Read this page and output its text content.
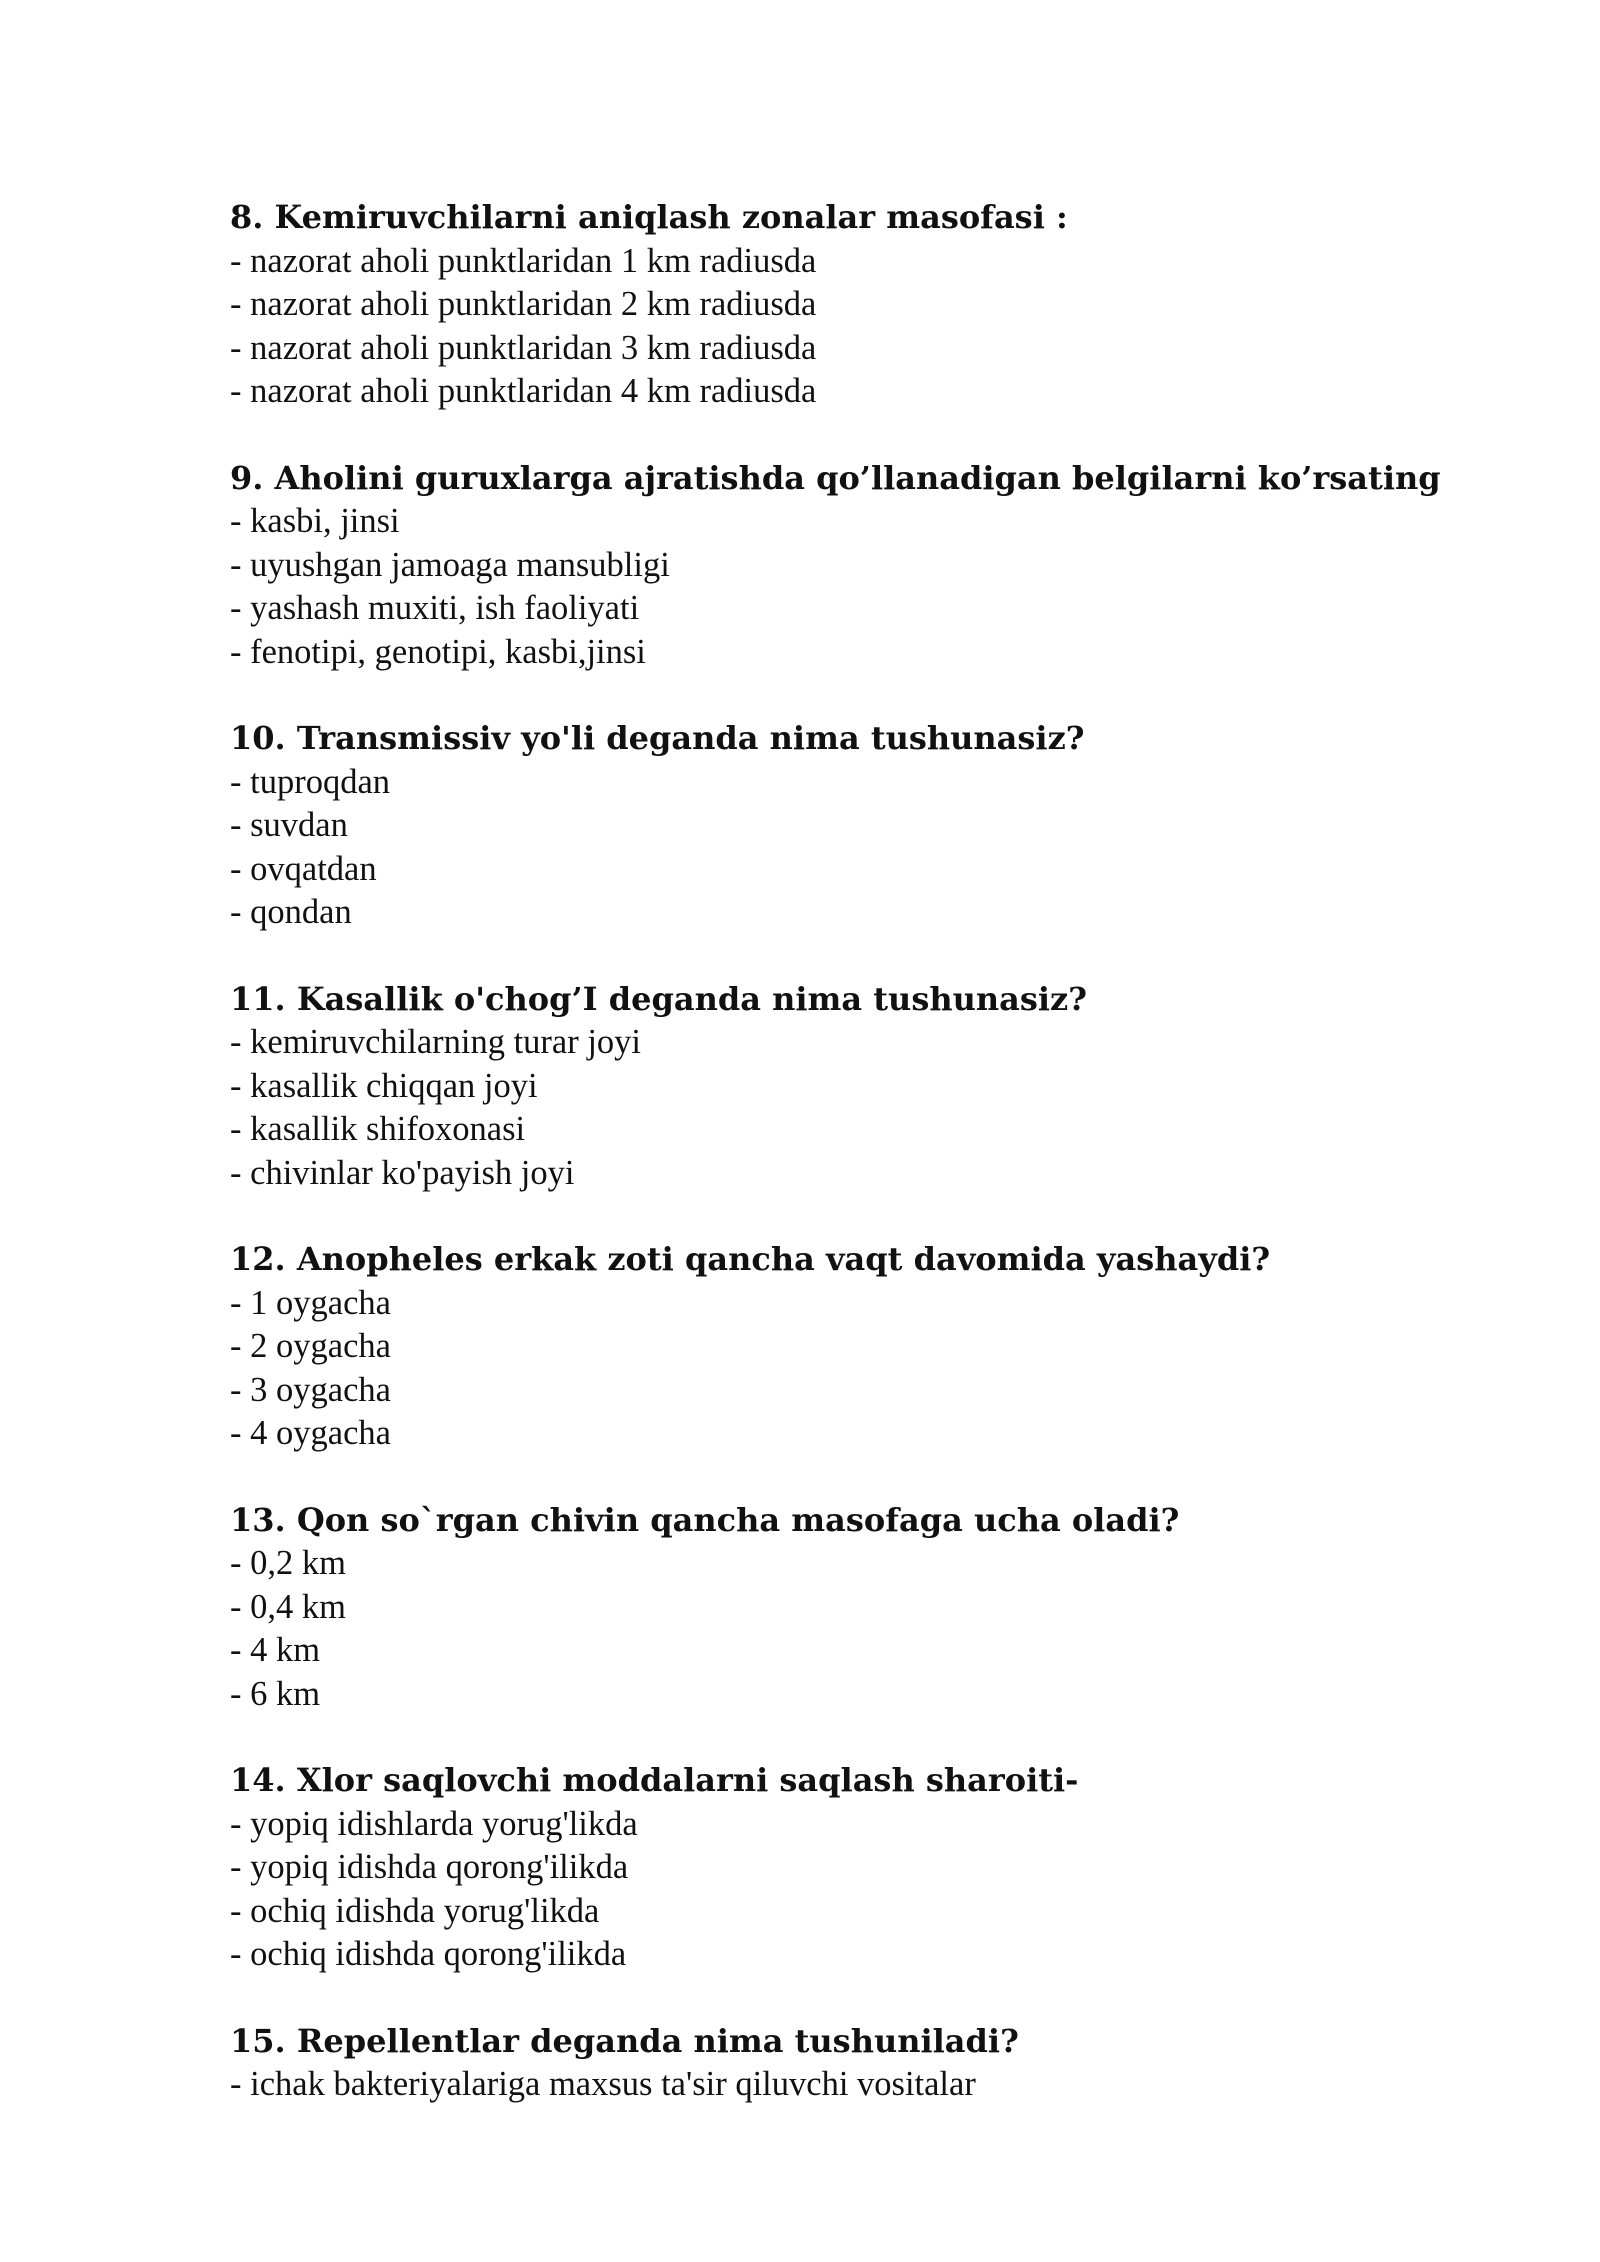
8. Kemiruvchilarni aniqlash zonalar masofasi :

- nazorat aholi punktlaridan 1 km radiusda

- nazorat aholi punktlaridan 2 km radiusda

- nazorat aholi punktlaridan 3 km radiusda

- nazorat aholi punktlaridan 4 km radiusda

9. Aholini guruxlarga ajratishda qo’llanadigan belgilarni ko’rsating

- kasbi, jinsi

- uyushgan jamoaga mansubligi

- yashash muxiti, ish faoliyati

- fenotipi, genotipi, kasbi,jinsi

10. Transmissiv yo'li deganda nima tushunasiz?

- tuproqdan

- suvdan

- ovqatdan

- qondan

11. Kasallik o'chog’I deganda nima tushunasiz?

- kemiruvchilarning turar joyi

- kasallik chiqqan joyi

- kasallik shifoxonasi

- chivinlar ko'payish joyi

12. Anopheles erkak zoti qancha vaqt davomida yashaydi?

- 1 oygacha

- 2 oygacha

- 3 oygacha

- 4 oygacha

13. Qon so`rgan chivin qancha masofaga ucha oladi?

- 0,2 km

- 0,4 km

- 4 km

- 6 km

14. Xlor saqlovchi moddalarni saqlash sharoiti-

- yopiq idishlarda yorug'likda

- yopiq idishda qorong'ilikda

- ochiq idishda yorug'likda

- ochiq idishda qorong'ilikda

15. Repellentlar deganda nima tushuniladi?

- ichak bakteriyalariga maxsus ta'sir qiluvchi vositalar
